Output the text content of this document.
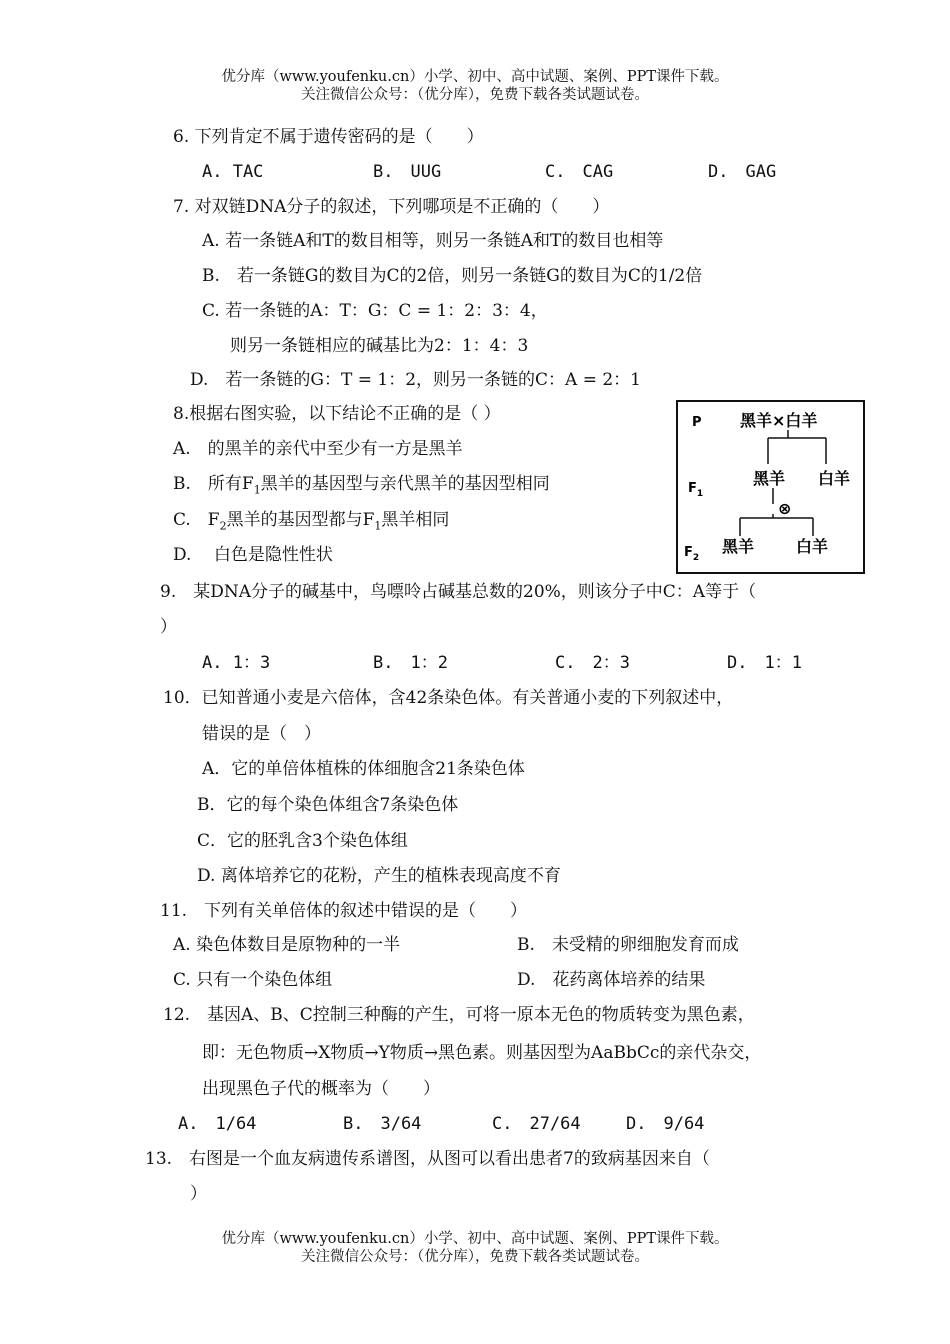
优分库（www.youfenku.cn）小学、初中、高中试题、案例、PPT课件下载。
关注微信公众号：（优分库），免费下载各类试题试卷。
6. 下列肯定不属于遗传密码的是（　　）
A. TAC	B.　UUG	C.　CAG	D.　GAG
7. 对双链DNA分子的叙述，下列哪项是不正确的（　　）
A. 若一条链A和T的数目相等，则另一条链A和T的数目也相等
B.　若一条链G的数目为C的2倍，则另一条链G的数目为C的1/2倍
C. 若一条链的A：T：G：C = 1：2：3：4，
则另一条链相应的碱基比为2：1：4：3
D.　若一条链的G：T = 1：2，则另一条链的C：A = 2：1
8.根据右图实验，以下结论不正确的是（ ）
A.　的黑羊的亲代中至少有一方是黑羊
B.　所有$F_1$黑羊的基因型与亲代黑羊的基因型相同
C.　$F_2$黑羊的基因型都与$F_1$黑羊相同
D.　 白色是隐性性状
P 黑羊×白羊
$F_1$
黑羊 白羊
⊗
$F_2$
黑羊	白羊
9.　某DNA分子的碱基中，鸟嘌呤占碱基总数的20%，则该分子中C：A等于（
）
A. 1：3	B.　1：2	C.　2：3	D.　1：1
10．已知普通小麦是六倍体，含42条染色体。有关普通小麦的下列叙述中，
错误的是（　）
A．它的单倍体植株的体细胞含21条染色体
B．它的每个染色体组含7条染色体
C．它的胚乳含3个染色体组
D. 离体培养它的花粉，产生的植株表现高度不育
11.　下列有关单倍体的叙述中错误的是（　　）
A. 染色体数目是原物种的一半	B.　未受精的卵细胞发育而成
C. 只有一个染色体组	D.　花药离体培养的结果
12.　基因A、B、C控制三种酶的产生，可将一原本无色的物质转变为黑色素，
即：无色物质→X物质→Y物质→黑色素。则基因型为AaBbCc的亲代杂交，
出现黑色子代的概率为（　　）
A.　1/64	B.　3/64	C.　27/64	D.　9/64
13.　右图是一个血友病遗传系谱图，从图可以看出患者7的致病基因来自（
）
优分库（www.youfenku.cn）小学、初中、高中试题、案例、PPT课件下载。
关注微信公众号：（优分库），免费下载各类试题试卷。
